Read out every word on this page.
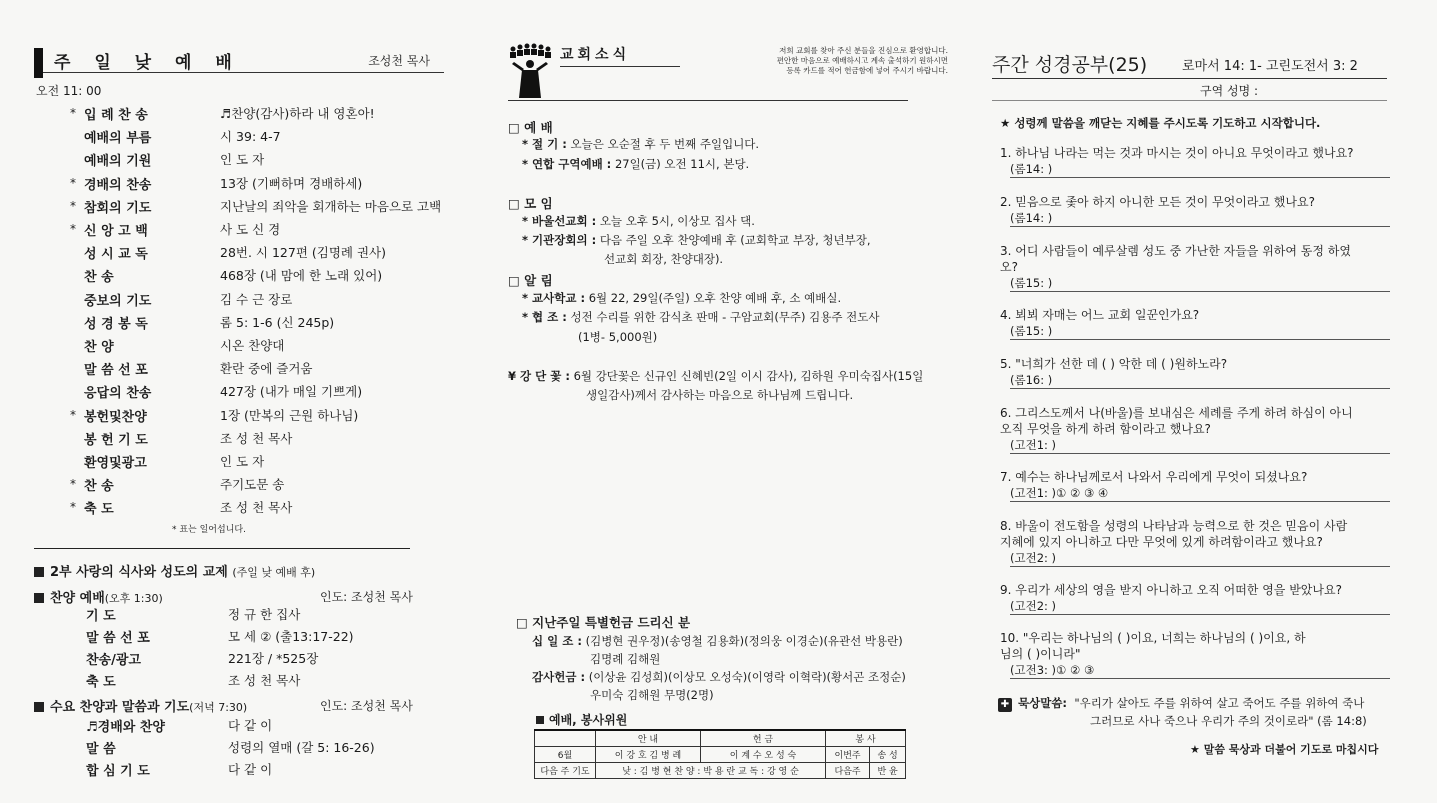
주 일 낮 예 배	조성천 목사
오전 11: 00
* 입 례 찬 송	♬찬양(감사)하라 내 영혼아!
예배의 부름	시 39: 4-7
예배의 기원	인 도 자
* 경배의 찬송	13장 (기뻐하며 경배하세)
* 참회의 기도	지난날의 죄악을 회개하는 마음으로 고백
* 신 앙 고 백	사 도 신 경
성 시 교 독	28번. 시 127편 (김명례 권사)
찬 송	468장 (내 맘에 한 노래 있어)
중보의 기도	김 수 근 장로
성 경 봉 독	롬 5: 1-6 (신 245p)
찬 양	시온 찬양대
말 씀 선 포	환란 중에 즐거움
응답의 찬송	427장 (내가 매일 기쁘게)
* 봉헌및찬양	1장 (만복의 근원 하나님)
봉 헌 기 도	조 성 천 목사
환영및광고	인 도 자
* 찬 송	주기도문 송
* 축 도	조 성 천 목사
* 표는 일어섭니다.
2부 사랑의 식사와 성도의 교제 (주일 낮 예배 후)
찬양 예배(오후 1:30)	인도: 조성천 목사
기 도	정 규 한 집사
말 씀 선 포	모 세 ② (출13:17-22)
찬송/광고	221장 / *525장
축 도	조 성 천 목사
수요 찬양과 말씀과 기도(저녁 7:30)	인도: 조성천 목사
♬경배와 찬양	다 같 이
말 씀	성령의 열매 (갈 5: 16-26)
합 심 기 도	다 같 이
교회소식	저희 교회를 찾아 주신 분들을 진심으로 환영합니다.
편안한 마음으로 예배하시고 계속 출석하기 원하시면
등록 카드를 적어 헌금함에 넣어 주시기 바랍니다.
□ 예 배
* 절 기 : 오늘은 오순절 후 두 번째 주일입니다.
* 연합 구역예배 : 27일(금) 오전 11시, 본당.
□ 모 임
* 바울선교회 : 오늘 오후 5시, 이상모 집사 댁.
* 기관장회의 : 다음 주일 오후 찬양예배 후 (교회학교 부장, 청년부장,
선교회 회장, 찬양대장).
□ 알 림
* 교사학교 : 6월 22, 29일(주일) 오후 찬양 예배 후, 소 예배실.
* 협 조 : 성전 수리를 위한 감식초 판매 - 구암교회(무주) 김용주 전도사
(1병- 5,000원)
¥ 강 단 꽃 : 6월 강단꽃은 신규인 신혜빈(2일 이시 감사), 김하원 우미숙집사(15일
생일감사)께서 감사하는 마음으로 하나님께 드립니다.
□ 지난주일 특별헌금 드리신 분
십 일 조 : (김병현 권우정)(송영철 김용화)(정의웅 이경순)(유관선 박용란)
김명례 김해원
감사헌금 : (이상윤 김성희)(이상모 오성숙)(이영락 이혁락)(황서곤 조정순)
우미숙 김해원 무명(2명)
예배, 봉사위원
	안 내	헌 금	봉 사	
6월	이 강 호 김 병 례	이 계 수 오 성 숙	이번주	송 성
다음 주 기도	낮 : 김 병 현 찬 양 : 박 용 란 교 독 : 강 영 순		다음주	반 윤
주간 성경공부(25)	로마서 14: 1- 고린도전서 3: 2
구역 성명 :
★ 성령께 말씀을 깨닫는 지혜를 주시도록 기도하고 시작합니다.
1. 하나님 나라는 먹는 것과 마시는 것이 아니요 무엇이라고 했나요?
(롬14: )
2. 믿음으로 좇아 하지 아니한 모든 것이 무엇이라고 했나요?
(롬14: )
3. 어디 사람들이 예루살렘 성도 중 가난한 자들을 위하여 동정 하였
오?
(롬15: )
4. 뵈뵈 자매는 어느 교회 일꾼인가요?
(롬15: )
5. "너희가 선한 데 ( ) 악한 데 ( )원하노라?
(롬16: )
6. 그리스도께서 나(바울)를 보내심은 세례를 주게 하려 하심이 아니
오직 무엇을 하게 하려 함이라고 했나요?
(고전1: )
7. 예수는 하나님께로서 나와서 우리에게 무엇이 되셨나요?
(고전1: )① ② ③ ④
8. 바울이 전도함을 성령의 나타남과 능력으로 한 것은 믿음이 사람
지혜에 있지 아니하고 다만 무엇에 있게 하려함이라고 했나요?
(고전2: )
9. 우리가 세상의 영을 받지 아니하고 오직 어떠한 영을 받았나요?
(고전2: )
10. "우리는 하나님의 ( )이요, 너희는 하나님의 ( )이요, 하
님의 ( )이니라"
(고전3: )① ② ③
✚ 묵상말씀: "우리가 살아도 주를 위하여 살고 죽어도 주를 위하여 죽나
그러므로 사나 죽으나 우리가 주의 것이로라" (롬 14:8)
★ 말씀 묵상과 더불어 기도로 마칩시다
